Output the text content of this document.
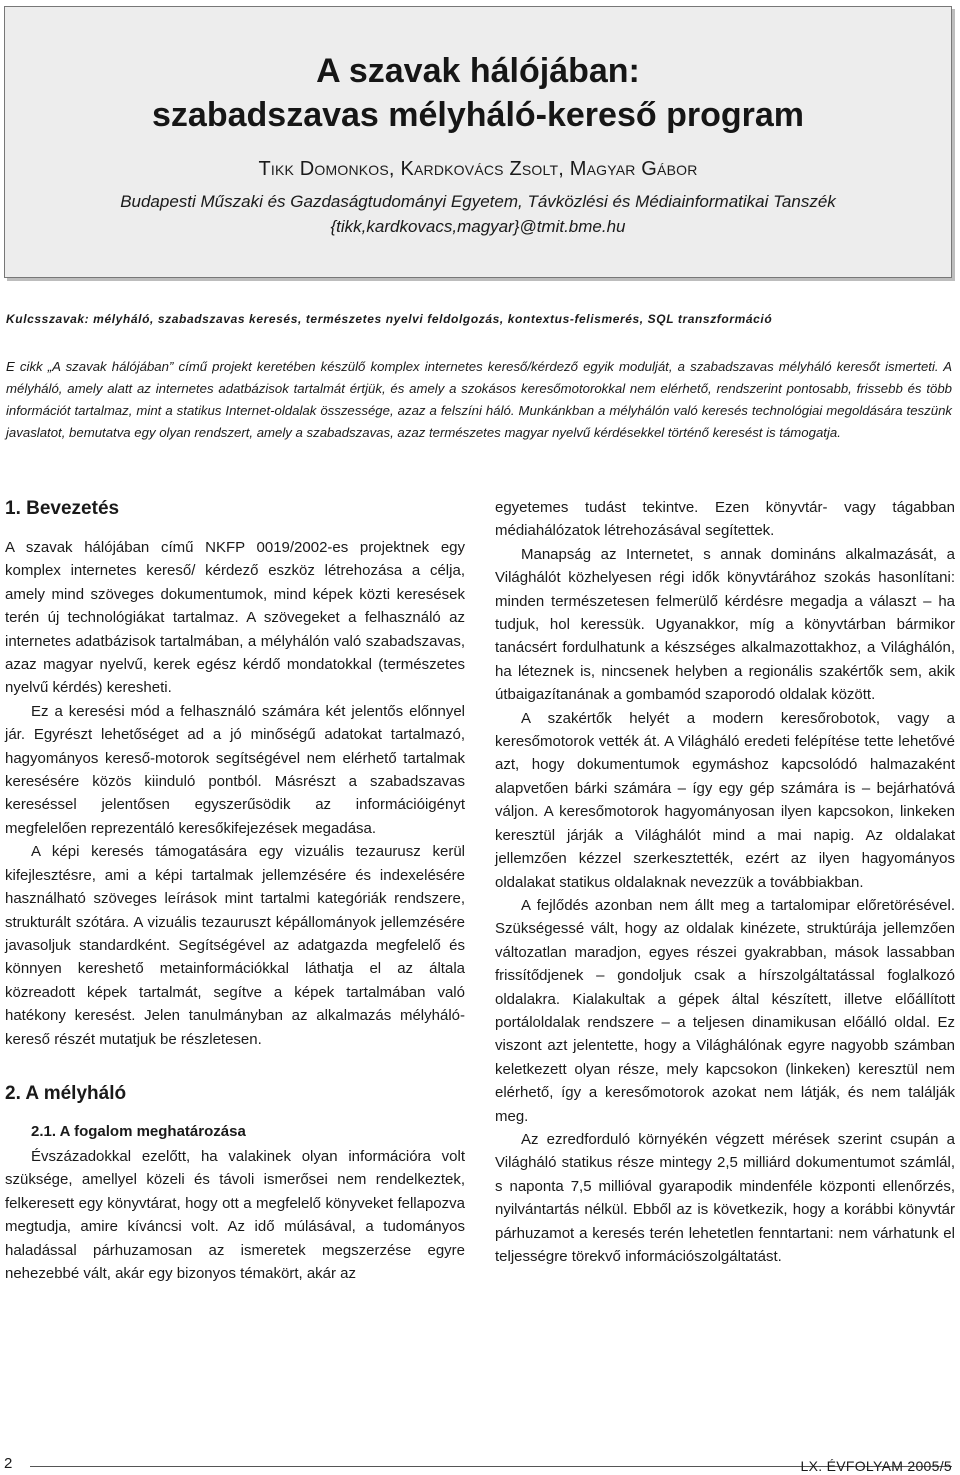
A szavak hálójában:
szabadszavas mélyháló-kereső program
Tikk Domonkos, Kardkovács Zsolt, Magyar Gábor
Budapesti Műszaki és Gazdaságtudományi Egyetem, Távközlési és Médiainformatikai Tanszék
{tikk,kardkovacs,magyar}@tmit.bme.hu
Kulcsszavak: mélyháló, szabadszavas keresés, természetes nyelvi feldolgozás, kontextus-felismerés, SQL transzformáció
E cikk „A szavak hálójában” című projekt keretében készülő komplex internetes kereső/kérdező egyik modulját, a szabadszavas mélyháló keresőt ismerteti. A mélyháló, amely alatt az internetes adatbázisok tartalmát értjük, és amely a szokásos keresőmotorokkal nem elérhető, rendszerint pontosabb, frissebb és több információt tartalmaz, mint a statikus Internet-oldalak összessége, azaz a felszíni háló. Munkánkban a mélyhálón való keresés technológiai megoldására teszünk javaslatot, bemutatva egy olyan rendszert, amely a szabadszavas, azaz természetes magyar nyelvű kérdésekkel történő keresést is támogatja.
1. Bevezetés

A szavak hálójában című NKFP 0019/2002-es projektnek egy komplex internetes kereső/ kérdező eszköz létrehozása a célja, amely mind szöveges dokumentumok, mind képek közti keresések terén új technológiákat tartalmaz. A szövegeket a felhasználó az internetes adatbázisok tartalmában, a mélyhálón való szabadszavas, azaz magyar nyelvű, kerek egész kérdő mondatokkal (természetes nyelvű kérdés) keresheti.

Ez a keresési mód a felhasználó számára két jelentős előnnyel jár. Egyrészt lehetőséget ad a jó minőségű adatokat tartalmazó, hagyományos kereső-motorok segítségével nem elérhető tartalmak keresésére közös kiinduló pontból. Másrészt a szabadszavas kereséssel jelentősen egyszerűsödik az információigényt megfelelően reprezentáló keresőkifejezések megadása.

A képi keresés támogatására egy vizuális tezaurusz kerül kifejlesztésre, ami a képi tartalmak jellemzésére és indexelésére használható szöveges leírások mint tartalmi kategóriák rendszere, strukturált szótára. A vizuális tezauruszt képállományok jellemzésére javasoljuk standardként. Segítségével az adatgazda megfelelő és könnyen kereshető metainformációkkal láthatja el az általa közreadott képek tartalmát, segítve a képek tartalmában való hatékony keresést. Jelen tanulmányban az alkalmazás mélyháló-kereső részét mutatjuk be részletesen.

2. A mélyháló
2.1. A fogalom meghatározása

Évszázadokkal ezelőtt, ha valakinek olyan információra volt szüksége, amellyel közeli és távoli ismerősei nem rendelkeztek, felkeresett egy könyvtárat, hogy ott a megfelelő könyveket fellapozva megtudja, amire kíváncsi volt. Az idő múlásával, a tudományos haladással párhuzamosan az ismeretek megszerzése egyre nehezebbé vált, akár egy bizonyos témakört, akár az

egyetemes tudást tekintve. Ezen könyvtár- vagy tágabban médiahálózatok létrehozásával segítettek.

Manapság az Internetet, s annak domináns alkalmazását, a Világhálót közhelyesen régi idők könyvtárához szokás hasonlítani: minden természetesen felmerülő kérdésre megadja a választ – ha tudjuk, hol keressük. Ugyanakkor, míg a könyvtárban bármikor tanácsért fordulhatunk a készséges alkalmazottakhoz, a Világhálón, ha léteznek is, nincsenek helyben a regionális szakértők sem, akik útbaigazítanának a gombamód szaporodó oldalak között.

A szakértők helyét a modern keresőrobotok, vagy a keresőmotorok vették át. A Világháló eredeti felépítése tette lehetővé azt, hogy dokumentumok egymáshoz kapcsolódó halmazaként alapvetően bárki számára – így egy gép számára is – bejárhatóvá váljon. A keresőmotorok hagyományosan ilyen kapcsokon, linkeken keresztül járják a Világhálót mind a mai napig. Az oldalakat jellemzően kézzel szerkesztették, ezért az ilyen hagyományos oldalakat statikus oldalaknak nevezzük a továbbiakban.

A fejlődés azonban nem állt meg a tartalomipar előretörésével. Szükségessé vált, hogy az oldalak kinézete, struktúrája jellemzően változatlan maradjon, egyes részei gyakrabban, mások lassabban frissítődjenek – gondoljuk csak a hírszolgáltatással foglalkozó oldalakra. Kialakultak a gépek által készített, illetve előállított portáloldalak rendszere – a teljesen dinamikusan előálló oldal. Ez viszont azt jelentette, hogy a Világhálónak egyre nagyobb számban keletkezett olyan része, mely kapcsokon (linkeken) keresztül nem elérhető, így a keresőmotorok azokat nem látják, és nem találják meg.

Az ezredforduló környékén végzett mérések szerint csupán a Világháló statikus része mintegy 2,5 milliárd dokumentumot számlál, s naponta 7,5 millióval gyarapodik mindenféle központi ellenőrzés, nyilvántartás nélkül. Ebből az is következik, hogy a korábbi könyvtár párhuzamot a keresés terén lehetetlen fenntartani: nem várhatunk el teljességre törekvő információszolgáltatást.

2	LX. ÉVFOLYAM 2005/5
